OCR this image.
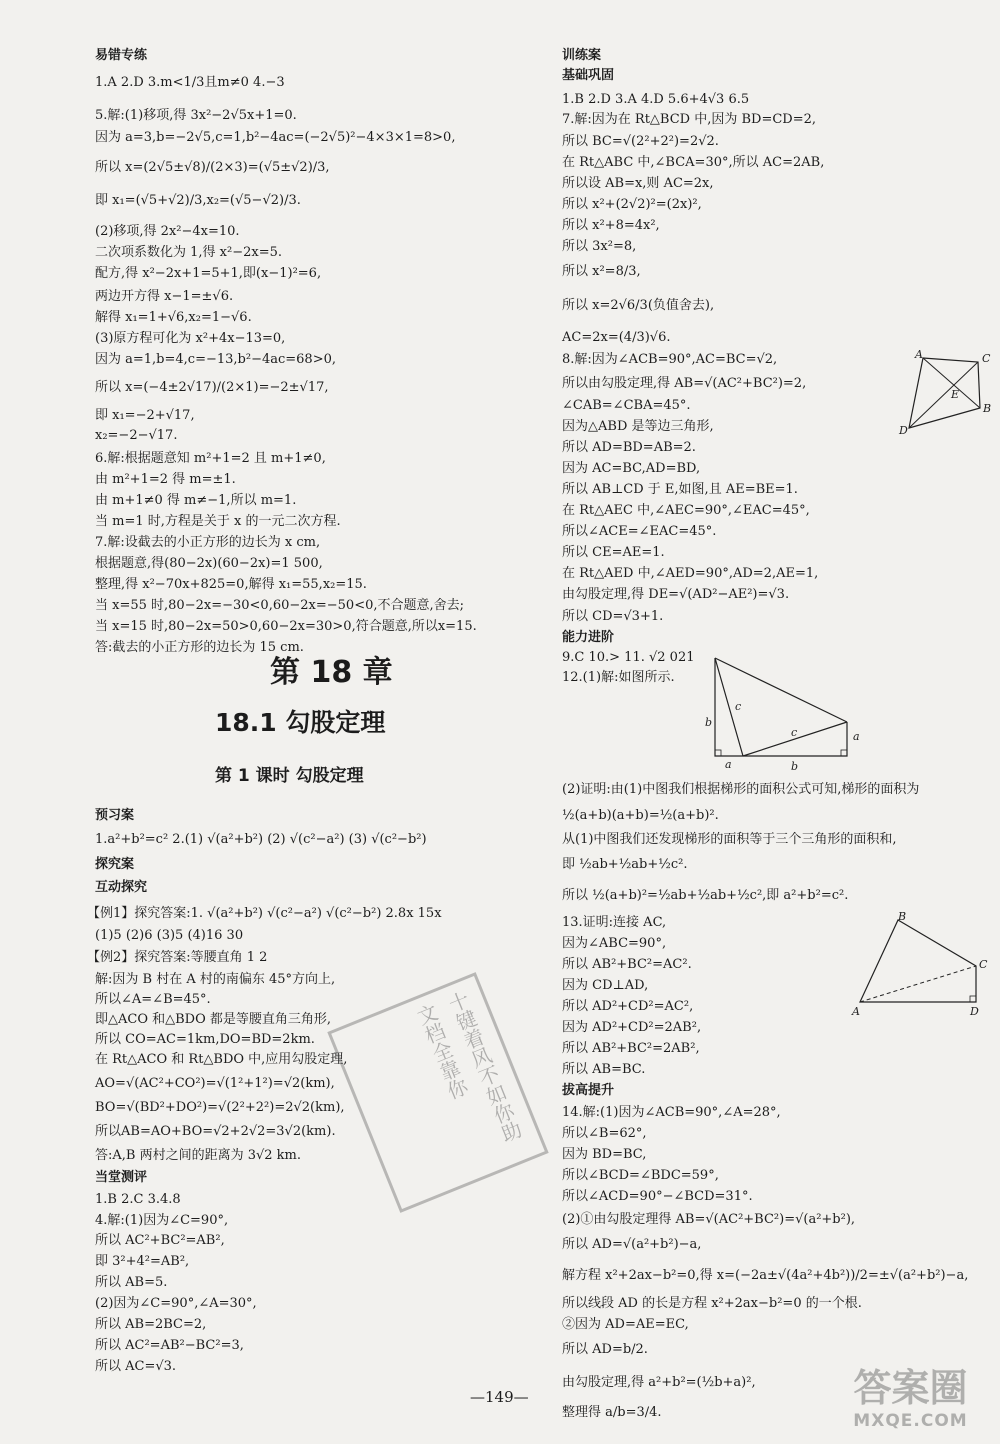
易错专练
1.A 2.D 3.m<1/3且m≠0 4.−3
5.解:(1)移项,得 3x²−2√5x+1=0.
因为 a=3,b=−2√5,c=1,b²−4ac=(−2√5)²−4×3×1=8>0,
所以 x=(2√5±√8)/(2×3)=(√5±√2)/3,
即 x₁=(√5+√2)/3,x₂=(√5−√2)/3.
(2)移项,得 2x²−4x=10.
二次项系数化为 1,得 x²−2x=5.
配方,得 x²−2x+1=5+1,即(x−1)²=6,
两边开方得 x−1=±√6.
解得 x₁=1+√6,x₂=1−√6.
(3)原方程可化为 x²+4x−13=0,
因为 a=1,b=4,c=−13,b²−4ac=68>0,
所以 x=(−4±2√17)/(2×1)=−2±√17,
即 x₁=−2+√17,
x₂=−2−√17.
6.解:根据题意知 m²+1=2 且 m+1≠0,
由 m²+1=2 得 m=±1.
由 m+1≠0 得 m≠−1,所以 m=1.
当 m=1 时,方程是关于 x 的一元二次方程.
7.解:设截去的小正方形的边长为 x cm,
根据题意,得(80−2x)(60−2x)=1 500,
整理,得 x²−70x+825=0,解得 x₁=55,x₂=15.
当 x=55 时,80−2x=−30<0,60−2x=−50<0,不合题意,舍去;
当 x=15 时,80−2x=50>0,60−2x=30>0,符合题意,所以x=15.
答:截去的小正方形的边长为 15 cm.
第 18 章
18.1 勾股定理
第 1 课时 勾股定理
预习案
1.a²+b²=c² 2.(1) √(a²+b²) (2) √(c²−a²) (3) √(c²−b²)
探究案
互动探究
【例1】探究答案:1. √(a²+b²) √(c²−a²) √(c²−b²) 2.8x 15x
(1)5 (2)6 (3)5 (4)16 30
【例2】探究答案:等腰直角 1 2
解:因为 B 村在 A 村的南偏东 45°方向上,
所以∠A=∠B=45°.
即△ACO 和△BDO 都是等腰直角三角形,
所以 CO=AC=1km,DO=BD=2km.
在 Rt△ACO 和 Rt△BDO 中,应用勾股定理,
AO=√(AC²+CO²)=√(1²+1²)=√2(km),
BO=√(BD²+DO²)=√(2²+2²)=2√2(km),
所以AB=AO+BO=√2+2√2=3√2(km).
答:A,B 两村之间的距离为 3√2 km.
当堂测评
1.B 2.C 3.4.8
4.解:(1)因为∠C=90°,
所以 AC²+BC²=AB²,
即 3²+4²=AB²,
所以 AB=5.
(2)因为∠C=90°,∠A=30°,
所以 AB=2BC=2,
所以 AC²=AB²−BC²=3,
所以 AC=√3.
训练案
基础巩固
1.B 2.D 3.A 4.D 5.6+4√3 6.5
7.解:因为在 Rt△BCD 中,因为 BD=CD=2,
所以 BC=√(2²+2²)=2√2.
在 Rt△ABC 中,∠BCA=30°,所以 AC=2AB,
所以设 AB=x,则 AC=2x,
所以 x²+(2√2)²=(2x)²,
所以 x²+8=4x²,
所以 3x²=8,
所以 x²=8/3,
所以 x=2√6/3(负值舍去),
AC=2x=(4/3)√6.
8.解:因为∠ACB=90°,AC=BC=√2,
所以由勾股定理,得 AB=√(AC²+BC²)=2,
∠CAB=∠CBA=45°.
因为△ABD 是等边三角形,
所以 AD=BD=AB=2.
因为 AC=BC,AD=BD,
所以 AB⊥CD 于 E,如图,且 AE=BE=1.
在 Rt△AEC 中,∠AEC=90°,∠EAC=45°,
所以∠ACE=∠EAC=45°.
所以 CE=AE=1.
在 Rt△AED 中,∠AED=90°,AD=2,AE=1,
由勾股定理,得 DE=√(AD²−AE²)=√3.
所以 CD=√3+1.
能力进阶
9.C 10.> 11. √2 021
12.(1)解:如图所示.
(2)证明:由(1)中图我们根据梯形的面积公式可知,梯形的面积为
½(a+b)(a+b)=½(a+b)².
从(1)中图我们还发现梯形的面积等于三个三角形的面积和,
即 ½ab+½ab+½c².
所以 ½(a+b)²=½ab+½ab+½c²,即 a²+b²=c².
13.证明:连接 AC,
因为∠ABC=90°,
所以 AB²+BC²=AC².
因为 CD⊥AD,
所以 AD²+CD²=AC²,
因为 AD²+CD²=2AB²,
所以 AB²+BC²=2AB²,
所以 AB=BC.
拔高提升
14.解:(1)因为∠ACB=90°,∠A=28°,
所以∠B=62°,
因为 BD=BC,
所以∠BCD=∠BDC=59°,
所以∠ACD=90°−∠BCD=31°.
(2)①由勾股定理得 AB=√(AC²+BC²)=√(a²+b²),
所以 AD=√(a²+b²)−a,
解方程 x²+2ax−b²=0,得 x=(−2a±√(4a²+4b²))/2=±√(a²+b²)−a,
所以线段 AD 的长是方程 x²+2ax−b²=0 的一个根.
②因为 AD=AE=EC,
所以 AD=b/2.
由勾股定理,得 a²+b²=(½b+a)²,
整理得 a/b=3/4.
A	C
E
B
D
c
b
a
c	a
b
B
C
A	D
十键着风不如你助文档全靠你
—149—	答案圈
MXQE.COM
